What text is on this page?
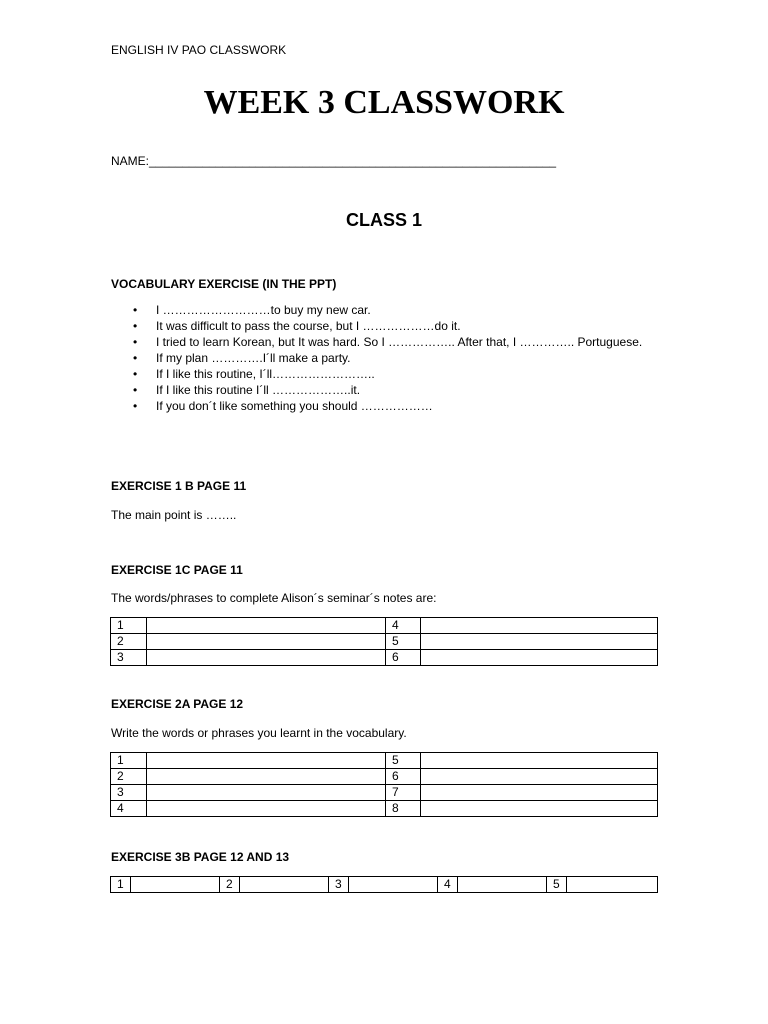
ENGLISH IV PAO CLASSWORK
WEEK 3 CLASSWORK
NAME:_____________________________________________________________
CLASS 1
VOCABULARY EXERCISE (IN THE PPT)
• I ………………………to buy my new car.
• It was difficult to pass the course, but I ………………do it.
• I tried to learn Korean, but It was hard. So I …………….. After that, I ………….. Portuguese.
• If my plan ………….I´ll make a party.
• If I like this routine, I´ll……………………..
• If I like this routine I´ll ………………..it.
• If you don´t like something you should ………………
EXERCISE 1 B PAGE 11
The main point is ……..
EXERCISE 1C PAGE 11
The words/phrases to complete Alison´s seminar´s notes are:
1		4	
2		5	
3		6	
EXERCISE 2A PAGE 12
Write the words or phrases you learnt in the vocabulary.
1		5	
2		6	
3		7	
4		8	
EXERCISE 3B PAGE 12 AND 13
1		2		3		4		5	
